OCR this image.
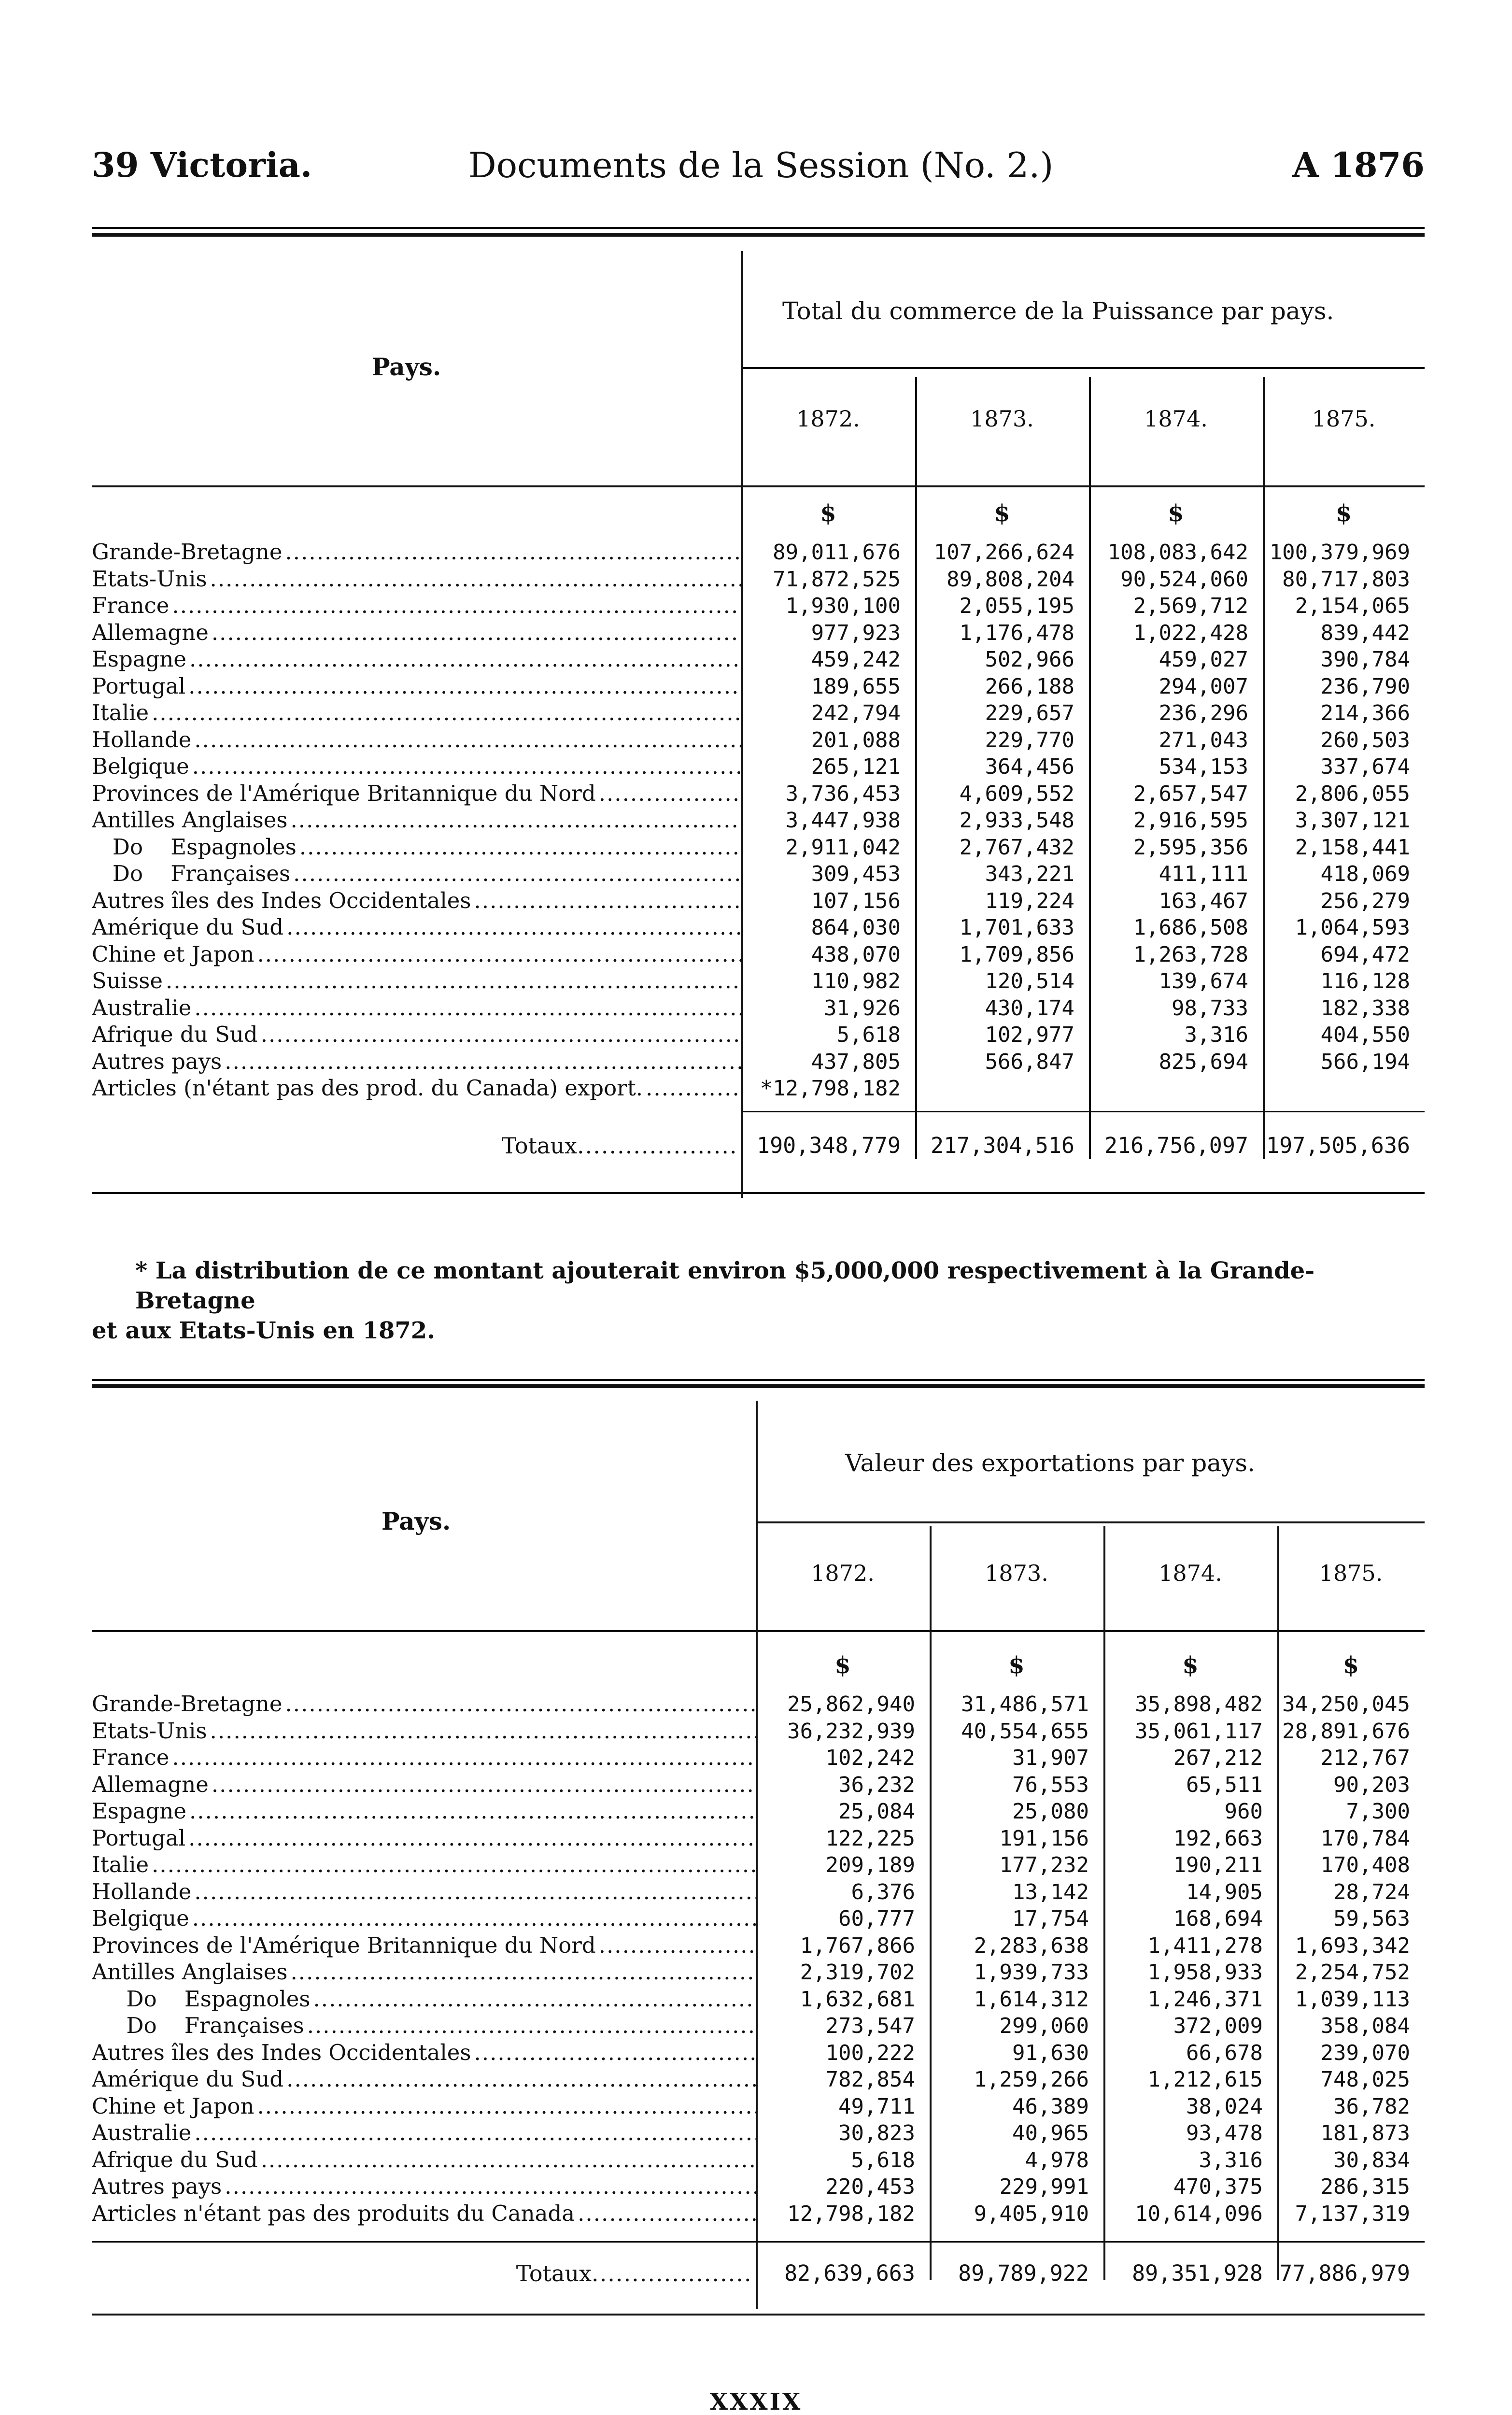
39 Victoria.	Documents de la Session (No. 2.)	A 1876
Pays.
Total du commerce de la Puissance par pays.
1872.	1873.	1874.	1875.
$	$	$	$
Grande-Bretagne .....	89,011,676	107,266,624	108,083,642 100,379,969
Etats-Unis .....	71,872,525	89,808,204	90,524,060	80,717,803
France .....	1,930,100	2,055,195	2,569,712	2,154,065
Allemagne .....	977,923	1,176,478	1,022,428	839,442
Espagne .....	459,242	502,966	459,027	390,784
Portugal .....	189,655	266,188	294,007	236,790
Italie .....	242,794	229,657	236,296	214,366
Hollande .....	201,088	229,770	271,043	260,503
Belgique .....	265,121	364,456	534,153	337,674
Provinces de l'Amérique Britannique du Nord .....	3,736,453	4,609,552	2,657,547	2,806,055
Antilles Anglaises .....	3,447,938	2,933,548	2,916,595	3,307,121
Do    Espagnoles .....	2,911,042	2,767,432	2,595,356	2,158,441
Do    Françaises .....	309,453	343,221	411,111	418,069
Autres îles des Indes Occidentales .....	107,156	119,224	163,467	256,279
Amérique du Sud .....	864,030	1,701,633	1,686,508	1,064,593
Chine et Japon .....	438,070	1,709,856	1,263,728	694,472
Suisse .....	110,982	120,514	139,674	116,128
Australie .....	31,926	430,174	98,733	182,338
Afrique du Sud .....	5,618	102,977	3,316	404,550
Autres pays .....	437,805	566,847	825,694	566,194
Articles (n'étant pas des prod. du Canada) export. .....	*12,798,182
Totaux .....	190,348,779	217,304,516	216,756,097 197,505,636
* La distribution de ce montant ajouterait environ $5,000,000 respectivement à la Grande-Bretagne
et aux Etats-Unis en 1872.
Pays.
Valeur des exportations par pays.
1872.	1873.	1874.	1875.
$	$	$	$
Grande-Bretagne .....	25,862,940	31,486,571	35,898,482 34,250,045
Etats-Unis .....	36,232,939	40,554,655	35,061,117 28,891,676
France .....	102,242	31,907	267,212	212,767
Allemagne .....	36,232	76,553	65,511	90,203
Espagne .....	25,084	25,080	960	7,300
Portugal .....	122,225	191,156	192,663	170,784
Italie .....	209,189	177,232	190,211	170,408
Hollande .....	6,376	13,142	14,905	28,724
Belgique .....	60,777	17,754	168,694	59,563
Provinces de l'Amérique Britannique du Nord .....	1,767,866	2,283,638	1,411,278	1,693,342
Antilles Anglaises .....	2,319,702	1,939,733	1,958,933	2,254,752
Do    Espagnoles .....	1,632,681	1,614,312	1,246,371	1,039,113
Do    Françaises .....	273,547	299,060	372,009	358,084
Autres îles des Indes Occidentales .....	100,222	91,630	66,678	239,070
Amérique du Sud .....	782,854	1,259,266	1,212,615	748,025
Chine et Japon .....	49,711	46,389	38,024	36,782
Australie .....	30,823	40,965	93,478	181,873
Afrique du Sud .....	5,618	4,978	3,316	30,834
Autres pays .....	220,453	229,991	470,375	286,315
Articles n'étant pas des produits du Canada .....	12,798,182	9,405,910	10,614,096	7,137,319
Totaux .....	82,639,663	89,789,922	89,351,928 77,886,979
XXXIX
